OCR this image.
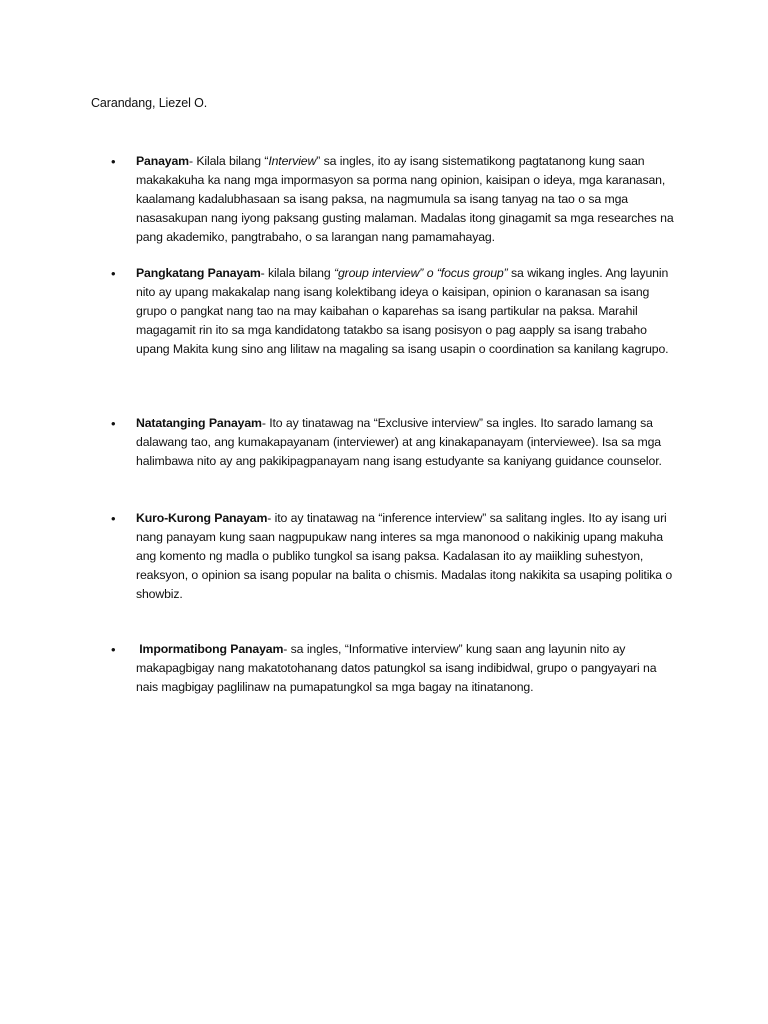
Carandang, Liezel O.
• Panayam- Kilala bilang “Interview” sa ingles, ito ay isang sistematikong pagtatanong kung saan makakakuha ka nang mga impormasyon sa porma nang opinion, kaisipan o ideya, mga karanasan, kaalamang kadalubhasaan sa isang paksa, na nagmumula sa isang tanyag na tao o sa mga nasasakupan nang iyong paksang gusting malaman. Madalas itong ginagamit sa mga researches na pang akademiko, pangtrabaho, o sa larangan nang pamamahayag.
• Pangkatang Panayam- kilala bilang “group interview” o “focus group” sa wikang ingles. Ang layunin nito ay upang makakalap nang isang kolektibang ideya o kaisipan, opinion o karanasan sa isang grupo o pangkat nang tao na may kaibahan o kaparehas sa isang partikular na paksa. Marahil magagamit rin ito sa mga kandidatong tatakbo sa isang posisyon o pag aapply sa isang trabaho upang Makita kung sino ang lilitaw na magaling sa isang usapin o coordination sa kanilang kagrupo.
• Natatanging Panayam- Ito ay tinatawag na “Exclusive interview” sa ingles. Ito sarado lamang sa dalawang tao, ang kumakapayanam (interviewer) at ang kinakapanayam (interviewee). Isa sa mga halimbawa nito ay ang pakikipagpanayam nang isang estudyante sa kaniyang guidance counselor.
• Kuro-Kurong Panayam- ito ay tinatawag na “inference interview” sa salitang ingles. Ito ay isang uri nang panayam kung saan nagpupukaw nang interes sa mga manonood o nakikinig upang makuha ang komento ng madla o publiko tungkol sa isang paksa. Kadalasan ito ay maiikling suhestyon, reaksyon, o opinion sa isang popular na balita o chismis. Madalas itong nakikita sa usaping politika o showbiz.
• Impormatibong Panayam- sa ingles, “Informative interview” kung saan ang layunin nito ay makapagbigay nang makatotohanang datos patungkol sa isang indibidwal, grupo o pangyayari na nais magbigay paglilinaw na pumapatungkol sa mga bagay na itinatanong.
